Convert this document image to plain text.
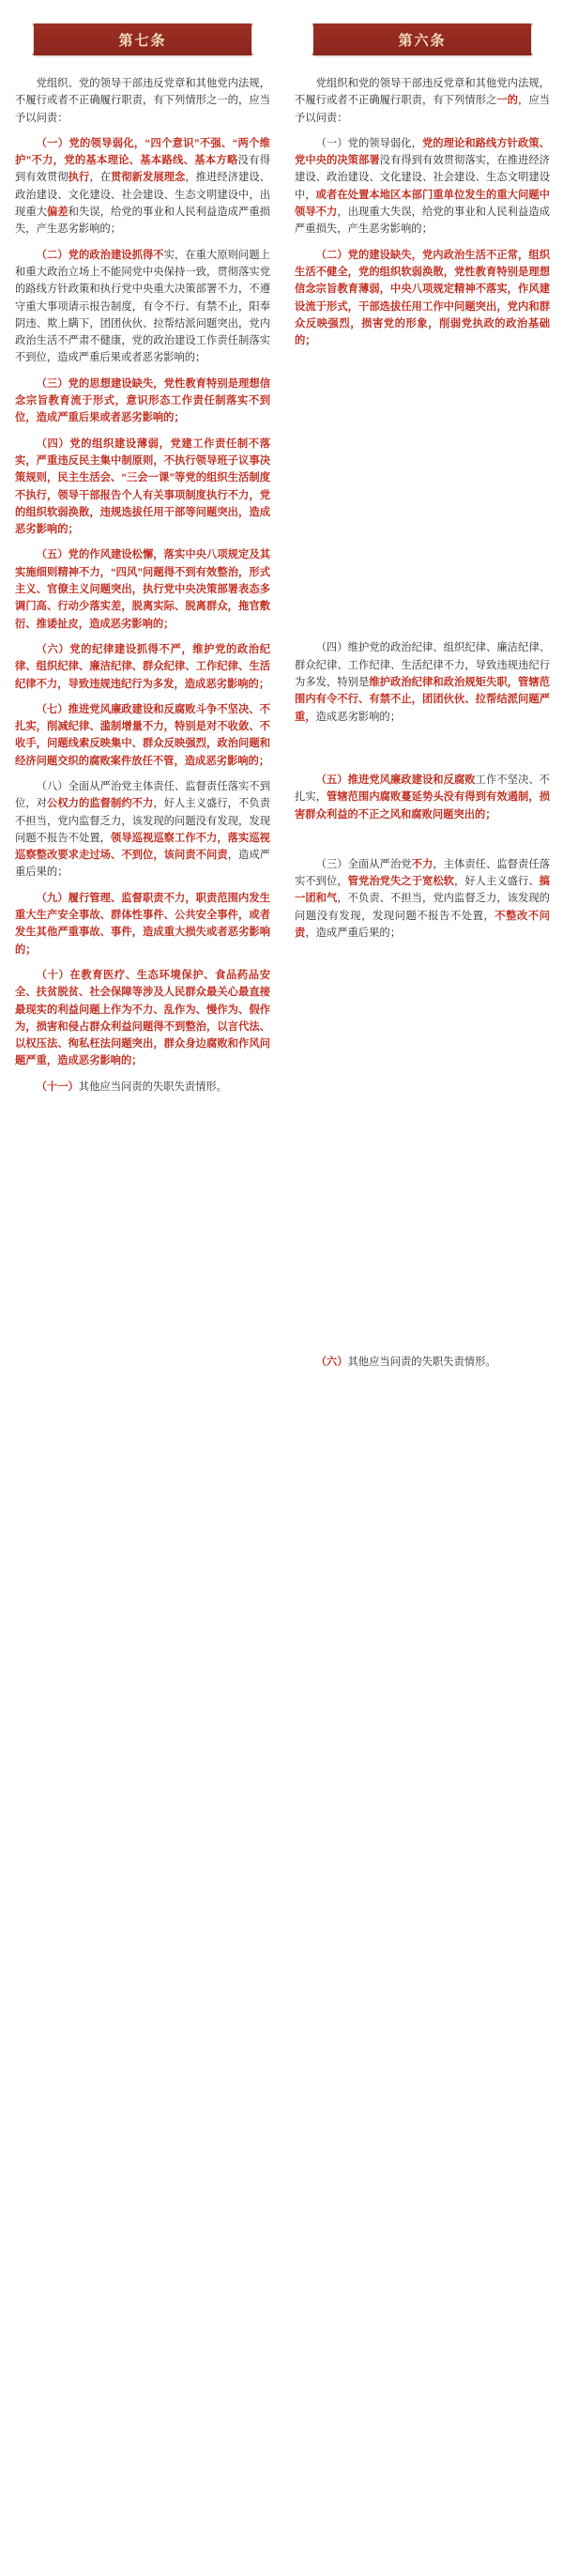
第七条

党组织、党的领导干部违反党章和其他党内法规，不履行或者不正确履行职责，有下列情形之一的，应当予以问责：

（一）党的领导弱化，“四个意识”不强、“两个维护”不力，党的基本理论、基本路线、基本方略没有得到有效贯彻执行，在贯彻新发展理念，推进经济建设、政治建设、文化建设、社会建设、生态文明建设中，出现重大偏差和失误，给党的事业和人民利益造成严重损失，产生恶劣影响的；

（二）党的政治建设抓得不实，在重大原则问题上和重大政治立场上不能同党中央保持一致，贯彻落实党的路线方针政策和执行党中央重大决策部署不力，不遵守重大事项请示报告制度，有令不行、有禁不止，阳奉阴违、欺上瞒下，团团伙伙、拉帮结派问题突出，党内政治生活不严肃不健康，党的政治建设工作责任制落实不到位，造成严重后果或者恶劣影响的；

（三）党的思想建设缺失，党性教育特别是理想信念宗旨教育流于形式，意识形态工作责任制落实不到位，造成严重后果或者恶劣影响的；

（四）党的组织建设薄弱，党建工作责任制不落实，严重违反民主集中制原则，不执行领导班子议事决策规则，民主生活会、“三会一课”等党的组织生活制度不执行，领导干部报告个人有关事项制度执行不力，党的组织软弱涣散，违规选拔任用干部等问题突出，造成恶劣影响的；

（五）党的作风建设松懈，落实中央八项规定及其实施细则精神不力，“四风”问题得不到有效整治，形式主义、官僚主义问题突出，执行党中央决策部署表态多调门高、行动少落实差，脱离实际、脱离群众，拖官敷衍、推诿扯皮，造成恶劣影响的；

（六）党的纪律建设抓得不严，维护党的政治纪律、组织纪律、廉洁纪律、群众纪律、工作纪律、生活纪律不力，导致违规违纪行为多发，造成恶劣影响的；

（七）推进党风廉政建设和反腐败斗争不坚决、不扎实，削减纪律、滥制增量不力，特别是对不收敛、不收手，问题线索反映集中、群众反映强烈，政治问题和经济问题交织的腐败案件放任不管，造成恶劣影响的；

（八）全面从严治党主体责任、监督责任落实不到位，对公权力的监督制约不力，好人主义盛行，不负责不担当，党内监督乏力，该发现的问题没有发现，发现问题不报告不处置，领导巡视巡察工作不力，落实巡视巡察整改要求走过场、不到位，该问责不问责，造成严重后果的；

（九）履行管理、监督职责不力，职责范围内发生重大生产安全事故、群体性事件、公共安全事件，或者发生其他严重事故、事件，造成重大损失或者恶劣影响的；

（十）在教育医疗、生态环境保护、食品药品安全、扶贫脱贫、社会保障等涉及人民群众最关心最直接最现实的利益问题上作为不力、乱作为、慢作为、假作为，损害和侵占群众利益问题得不到整治，以言代法、以权压法、徇私枉法问题突出，群众身边腐败和作风问题严重，造成恶劣影响的；

（十一）其他应当问责的失职失责情形。

第六条

党组织和党的领导干部违反党章和其他党内法规，不履行或者不正确履行职责，有下列情形之一的，应当予以问责：

（一）党的领导弱化，党的理论和路线方针政策、党中央的决策部署没有得到有效贯彻落实，在推进经济建设、政治建设、文化建设、社会建设、生态文明建设中，或者在处置本地区本部门重单位发生的重大问题中领导不力，出现重大失误，给党的事业和人民利益造成严重损失，产生恶劣影响的；

（二）党的建设缺失，党内政治生活不正常，组织生活不健全，党的组织软弱涣散，党性教育特别是理想信念宗旨教育薄弱，中央八项规定精神不落实，作风建设流于形式，干部选拔任用工作中问题突出，党内和群众反映强烈，损害党的形象，削弱党执政的政治基础的；

（四）维护党的政治纪律、组织纪律、廉洁纪律、群众纪律、工作纪律、生活纪律不力，导致违规违纪行为多发，特别是维护政治纪律和政治规矩失职，管辖范围内有令不行、有禁不止，团团伙伙、拉帮结派问题严重，造成恶劣影响的；

（五）推进党风廉政建设和反腐败工作不坚决、不扎实，管辖范围内腐败蔓延势头没有得到有效遏制，损害群众利益的不正之风和腐败问题突出的；

（三）全面从严治党不力，主体责任、监督责任落实不到位，管党治党失之于宽松软，好人主义盛行、搞一团和气，不负责、不担当，党内监督乏力，该发现的问题没有发现，发现问题不报告不处置，不整改不问责，造成严重后果的；

（六）其他应当问责的失职失责情形。
